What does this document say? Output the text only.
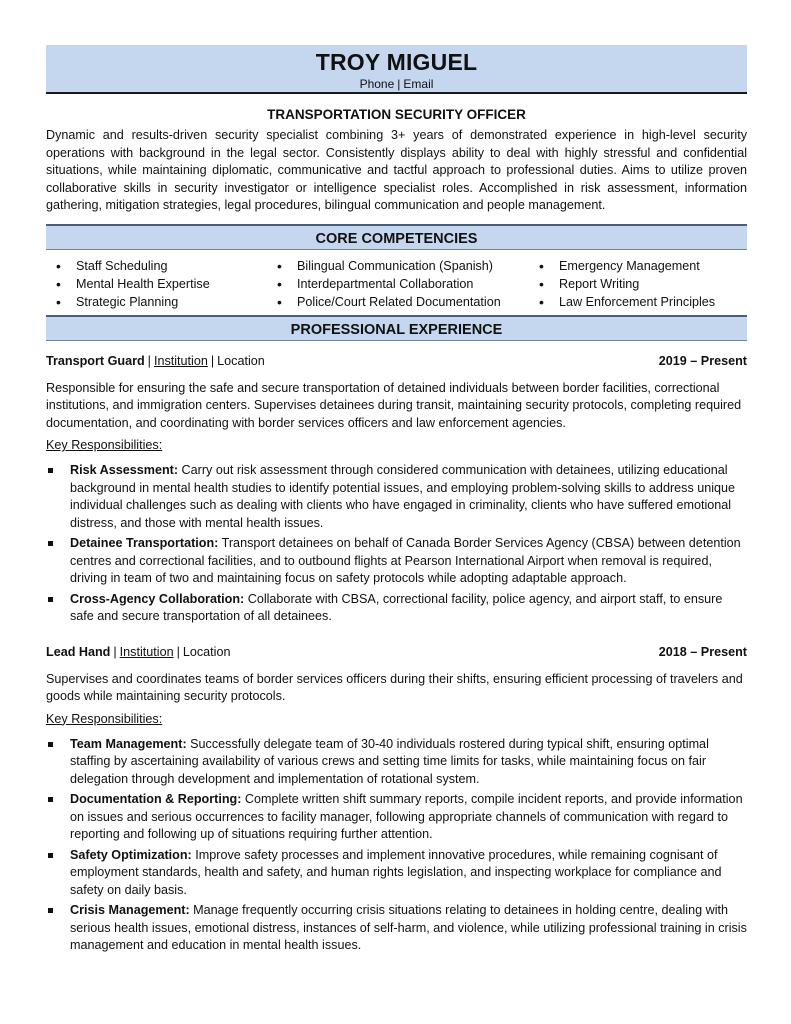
TROY MIGUEL
Phone | Email
TRANSPORTATION SECURITY OFFICER
Dynamic and results-driven security specialist combining 3+ years of demonstrated experience in high-level security operations with background in the legal sector. Consistently displays ability to deal with highly stressful and confidential situations, while maintaining diplomatic, communicative and tactful approach to professional duties. Aims to utilize proven collaborative skills in security investigator or intelligence specialist roles. Accomplished in risk assessment, information gathering, mitigation strategies, legal procedures, bilingual communication and people management.
CORE COMPETENCIES
• Staff Scheduling
• Mental Health Expertise
• Strategic Planning
• Bilingual Communication (Spanish)
• Interdepartmental Collaboration
• Police/Court Related Documentation
• Emergency Management
• Report Writing
• Law Enforcement Principles
PROFESSIONAL EXPERIENCE
Transport Guard | Institution | Location	2019 – Present
Responsible for ensuring the safe and secure transportation of detained individuals between border facilities, correctional institutions, and immigration centers. Supervises detainees during transit, maintaining security protocols, completing required documentation, and coordinating with border services officers and law enforcement agencies.
Key Responsibilities:
Risk Assessment: Carry out risk assessment through considered communication with detainees, utilizing educational background in mental health studies to identify potential issues, and employing problem-solving skills to address unique individual challenges such as dealing with clients who have engaged in criminality, clients who have suffered emotional distress, and those with mental health issues.
Detainee Transportation: Transport detainees on behalf of Canada Border Services Agency (CBSA) between detention centres and correctional facilities, and to outbound flights at Pearson International Airport when removal is required, driving in team of two and maintaining focus on safety protocols while adopting adaptable approach.
Cross-Agency Collaboration: Collaborate with CBSA, correctional facility, police agency, and airport staff, to ensure safe and secure transportation of all detainees.
Lead Hand | Institution | Location	2018 – Present
Supervises and coordinates teams of border services officers during their shifts, ensuring efficient processing of travelers and goods while maintaining security protocols.
Key Responsibilities:
Team Management: Successfully delegate team of 30-40 individuals rostered during typical shift, ensuring optimal staffing by ascertaining availability of various crews and setting time limits for tasks, while maintaining focus on fair delegation through development and implementation of rotational system.
Documentation & Reporting: Complete written shift summary reports, compile incident reports, and provide information on issues and serious occurrences to facility manager, following appropriate channels of communication with regard to reporting and following up of situations requiring further attention.
Safety Optimization: Improve safety processes and implement innovative procedures, while remaining cognisant of employment standards, health and safety, and human rights legislation, and inspecting workplace for compliance and safety on daily basis.
Crisis Management: Manage frequently occurring crisis situations relating to detainees in holding centre, dealing with serious health issues, emotional distress, instances of self-harm, and violence, while utilizing professional training in crisis management and education in mental health issues.
